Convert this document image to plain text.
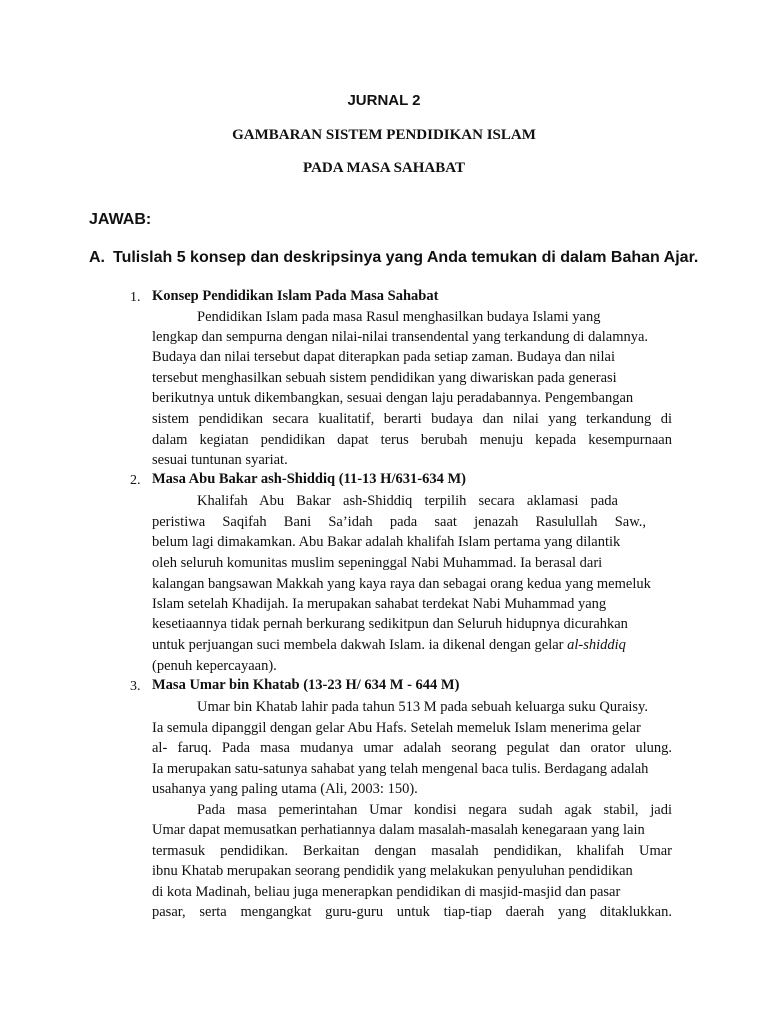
JURNAL 2
GAMBARAN SISTEM PENDIDIKAN ISLAM
PADA MASA SAHABAT
JAWAB:
A. Tulislah 5 konsep dan deskripsinya yang Anda temukan di dalam Bahan Ajar.
1. Konsep Pendidikan Islam Pada Masa Sahabat
Pendidikan Islam pada masa Rasul menghasilkan budaya Islami yang
lengkap dan sempurna dengan nilai-nilai transendental yang terkandung di dalamnya.
Budaya dan nilai tersebut dapat diterapkan pada setiap zaman. Budaya dan nilai
tersebut menghasilkan sebuah sistem pendidikan yang diwariskan pada generasi
berikutnya untuk dikembangkan, sesuai dengan laju peradabannya. Pengembangan
sistem pendidikan secara kualitatif, berarti budaya dan nilai yang terkandung di
dalam kegiatan pendidikan dapat terus berubah menuju kepada kesempurnaan
sesuai tuntunan syariat.
2. Masa Abu Bakar ash-Shiddiq (11-13 H/631-634 M)
Khalifah Abu Bakar ash-Shiddiq terpilih secara aklamasi pada
peristiwa Saqifah Bani Sa’idah pada saat jenazah Rasulullah Saw.,
belum lagi dimakamkan. Abu Bakar adalah khalifah Islam pertama yang dilantik
oleh seluruh komunitas muslim sepeninggal Nabi Muhammad. Ia berasal dari
kalangan bangsawan Makkah yang kaya raya dan sebagai orang kedua yang memeluk
Islam setelah Khadijah. Ia merupakan sahabat terdekat Nabi Muhammad yang
kesetiaannya tidak pernah berkurang sedikitpun dan Seluruh hidupnya dicurahkan
untuk perjuangan suci membela dakwah Islam. ia dikenal dengan gelar al-shiddiq
(penuh kepercayaan).
3. Masa Umar bin Khatab (13-23 H/ 634 M - 644 M)
Umar bin Khatab lahir pada tahun 513 M pada sebuah keluarga suku Quraisy.
Ia semula dipanggil dengan gelar Abu Hafs. Setelah memeluk Islam menerima gelar
al- faruq. Pada masa mudanya umar adalah seorang pegulat dan orator ulung.
Ia merupakan satu-satunya sahabat yang telah mengenal baca tulis. Berdagang adalah
usahanya yang paling utama (Ali, 2003: 150).
Pada masa pemerintahan Umar kondisi negara sudah agak stabil, jadi
Umar dapat memusatkan perhatiannya dalam masalah-masalah kenegaraan yang lain
termasuk pendidikan. Berkaitan dengan masalah pendidikan, khalifah Umar
ibnu Khatab merupakan seorang pendidik yang melakukan penyuluhan pendidikan
di kota Madinah, beliau juga menerapkan pendidikan di masjid-masjid dan pasar
pasar, serta mengangkat guru-guru untuk tiap-tiap daerah yang ditaklukkan.
